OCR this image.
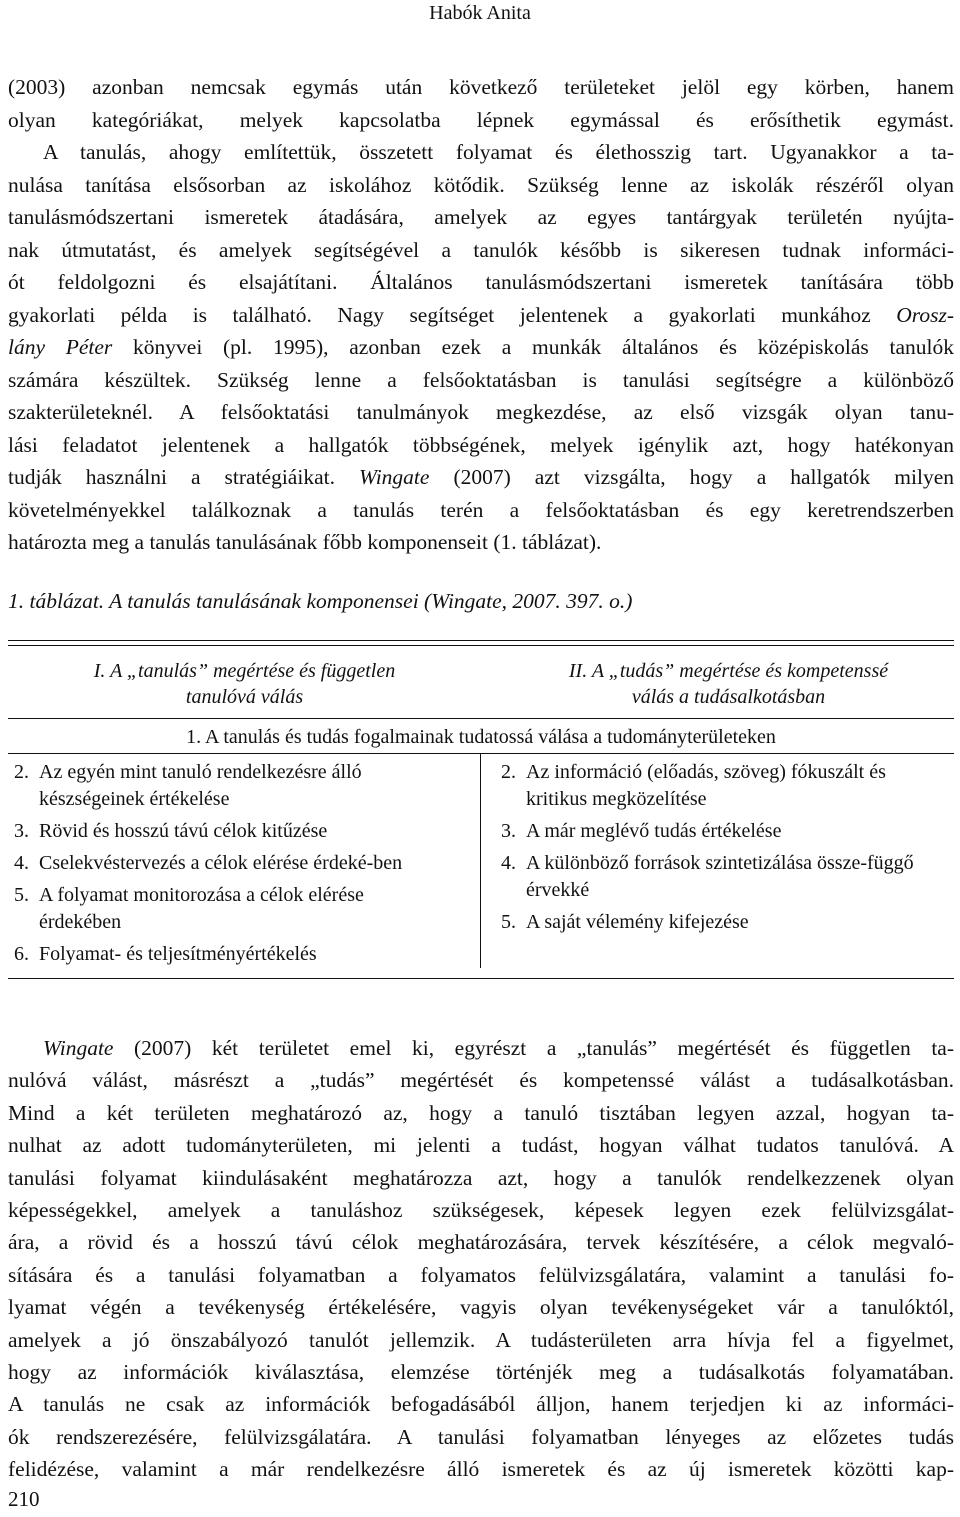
Habók Anita

(2003) azonban nemcsak egymás után következő területeket jelöl egy körben, hanem
olyan kategóriákat, melyek kapcsolatba lépnek egymással és erősíthetik egymást.
A tanulás, ahogy említettük, összetett folyamat és élethosszig tart. Ugyanakkor a ta-
nulása tanítása elsősorban az iskolához kötődik. Szükség lenne az iskolák részéről olyan
tanulásmódszertani ismeretek átadására, amelyek az egyes tantárgyak területén nyújta-
nak útmutatást, és amelyek segítségével a tanulók később is sikeresen tudnak informáci-
ót feldolgozni és elsajátítani. Általános tanulásmódszertani ismeretek tanítására több
gyakorlati példa is található. Nagy segítséget jelentenek a gyakorlati munkához Orosz-
lány Péter könyvei (pl. 1995), azonban ezek a munkák általános és középiskolás tanulók
számára készültek. Szükség lenne a felsőoktatásban is tanulási segítségre a különböző
szakterületeknél. A felsőoktatási tanulmányok megkezdése, az első vizsgák olyan tanu-
lási feladatot jelentenek a hallgatók többségének, melyek igénylik azt, hogy hatékonyan
tudják használni a stratégiáikat. Wingate (2007) azt vizsgálta, hogy a hallgatók milyen
követelményekkel találkoznak a tanulás terén a felsőoktatásban és egy keretrendszerben
határozta meg a tanulás tanulásának főbb komponenseit (1. táblázat).

1. táblázat. A tanulás tanulásának komponensei (Wingate, 2007. 397. o.)
I. A „tanulás” megértése és független
tanulóvá válás
II. A „tudás” megértése és kompetenssé
válás a tudásalkotásban
1. A tanulás és tudás fogalmainak tudatossá válása a tudományterületeken
2. Az egyén mint tanuló rendelkezésre álló készségeinek értékelése
3. Rövid és hosszú távú célok kitűzése
4. Cselekvéstervezés a célok elérése érdeké-ben
5. A folyamat monitorozása a célok elérése érdekében
6. Folyamat- és teljesítményértékelés
2. Az információ (előadás, szöveg) fókuszált és kritikus megközelítése
3. A már meglévő tudás értékelése
4. A különböző források szintetizálása össze-függő érvekké
5. A saját vélemény kifejezése

Wingate (2007) két területet emel ki, egyrészt a „tanulás” megértését és független ta-
nulóvá válást, másrészt a „tudás” megértését és kompetenssé válást a tudásalkotásban.
Mind a két területen meghatározó az, hogy a tanuló tisztában legyen azzal, hogyan ta-
nulhat az adott tudományterületen, mi jelenti a tudást, hogyan válhat tudatos tanulóvá. A
tanulási folyamat kiindulásaként meghatározza azt, hogy a tanulók rendelkezzenek olyan
képességekkel, amelyek a tanuláshoz szükségesek, képesek legyen ezek felülvizsgálat-
ára, a rövid és a hosszú távú célok meghatározására, tervek készítésére, a célok megvaló-
sítására és a tanulási folyamatban a folyamatos felülvizsgálatára, valamint a tanulási fo-
lyamat végén a tevékenység értékelésére, vagyis olyan tevékenységeket vár a tanulóktól,
amelyek a jó önszabályozó tanulót jellemzik. A tudásterületen arra hívja fel a figyelmet,
hogy az információk kiválasztása, elemzése történjék meg a tudásalkotás folyamatában.
A tanulás ne csak az információk befogadásából álljon, hanem terjedjen ki az informáci-
ók rendszerezésére, felülvizsgálatára. A tanulási folyamatban lényeges az előzetes tudás
felidézése, valamint a már rendelkezésre álló ismeretek és az új ismeretek közötti kap-

210
